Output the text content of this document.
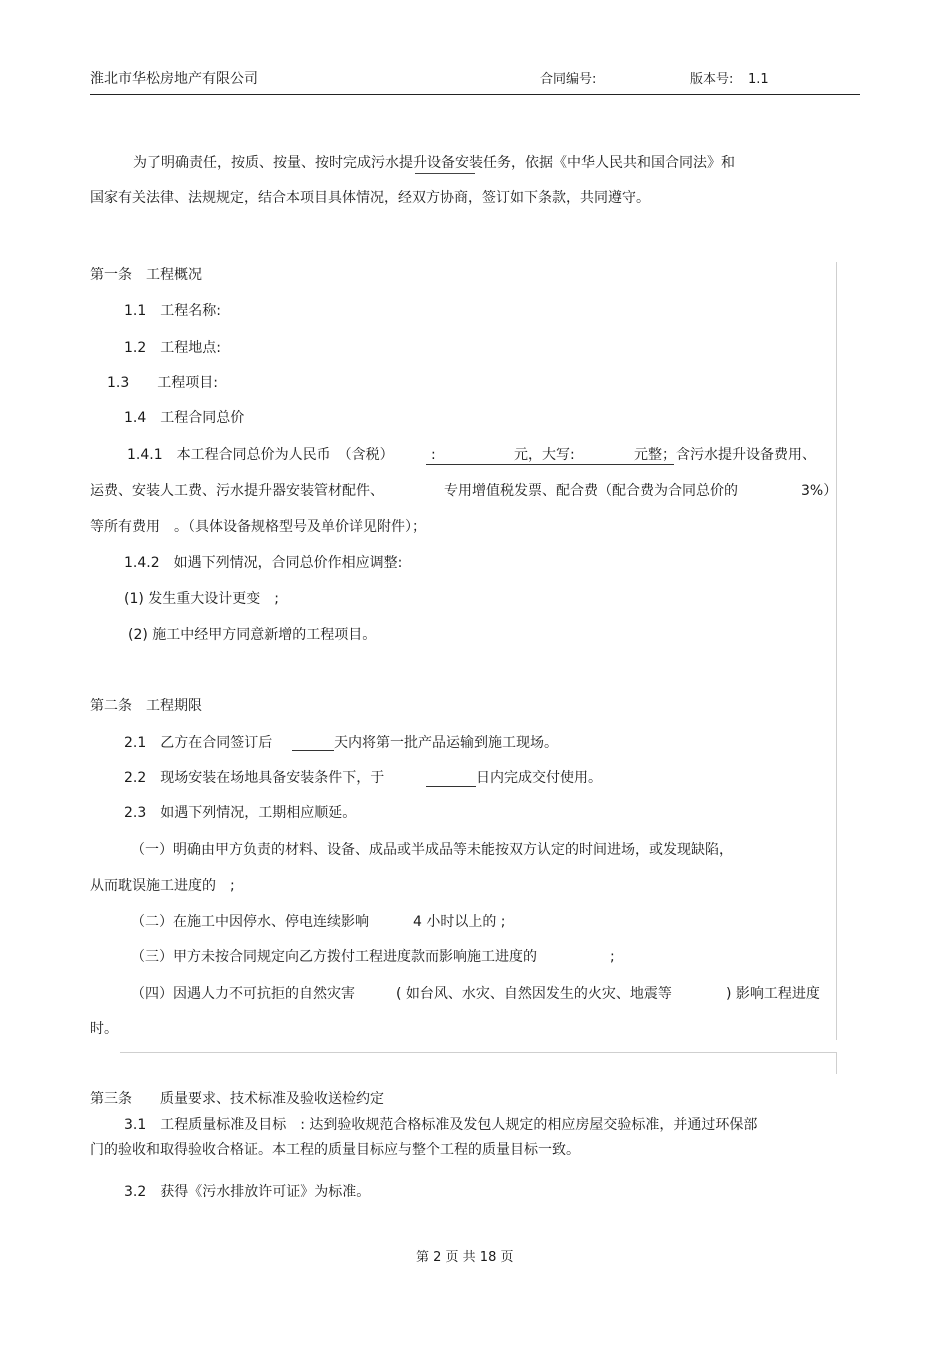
淮北市华松房地产有限公司	合同编号:	版本号: 1.1
为了明确责任，按质、按量、按时完成污水提升设备安装任务，依据《中华人民共和国合同法》和
国家有关法律、法规规定，结合本项目具体情况，经双方协商，签订如下条款，共同遵守。
第一条　工程概况
1.1　工程名称:
1.2　工程地点:
1.3　　工程项目:
1.4　工程合同总价
1.4.1　本工程合同总价为人民币　（含税）	:	元，大写:	元整；含污水提升设备费用、
运费、安装人工费、污水提升器安装管材配件、	专用增值税发票、配合费（配合费为合同总价的	3%）
等所有费用　。（具体设备规格型号及单价详见附件）；
1.4.2　如遇下列情况，合同总价作相应调整:
(1) 发生重大设计更变　;
(2) 施工中经甲方同意新增的工程项目。
第二条　工程期限
2.1　乙方在合同签订后	天内将第一批产品运输到施工现场。
2.2　现场安装在场地具备安装条件下，于	日内完成交付使用。
2.3　如遇下列情况，工期相应顺延。
（一）明确由甲方负责的材料、设备、成品或半成品等未能按双方认定的时间进场，或发现缺陷，
从而耽误施工进度的　;
（二）在施工中因停水、停电连续影响	4 小时以上的 ;
（三）甲方未按合同规定向乙方拨付工程进度款而影响施工进度的	;
（四）因遇人力不可抗拒的自然灾害	( 如台风、水灾、自然因发生的火灾、地震等	) 影响工程进度
时。
第三条　　质量要求、技术标准及验收送检约定
3.1　工程质量标准及目标　: 达到验收规范合格标准及发包人规定的相应房屋交验标准，并通过环保部
门的验收和取得验收合格证。本工程的质量目标应与整个工程的质量目标一致。
3.2　获得《污水排放许可证》为标准。
第 2 页 共 18 页
